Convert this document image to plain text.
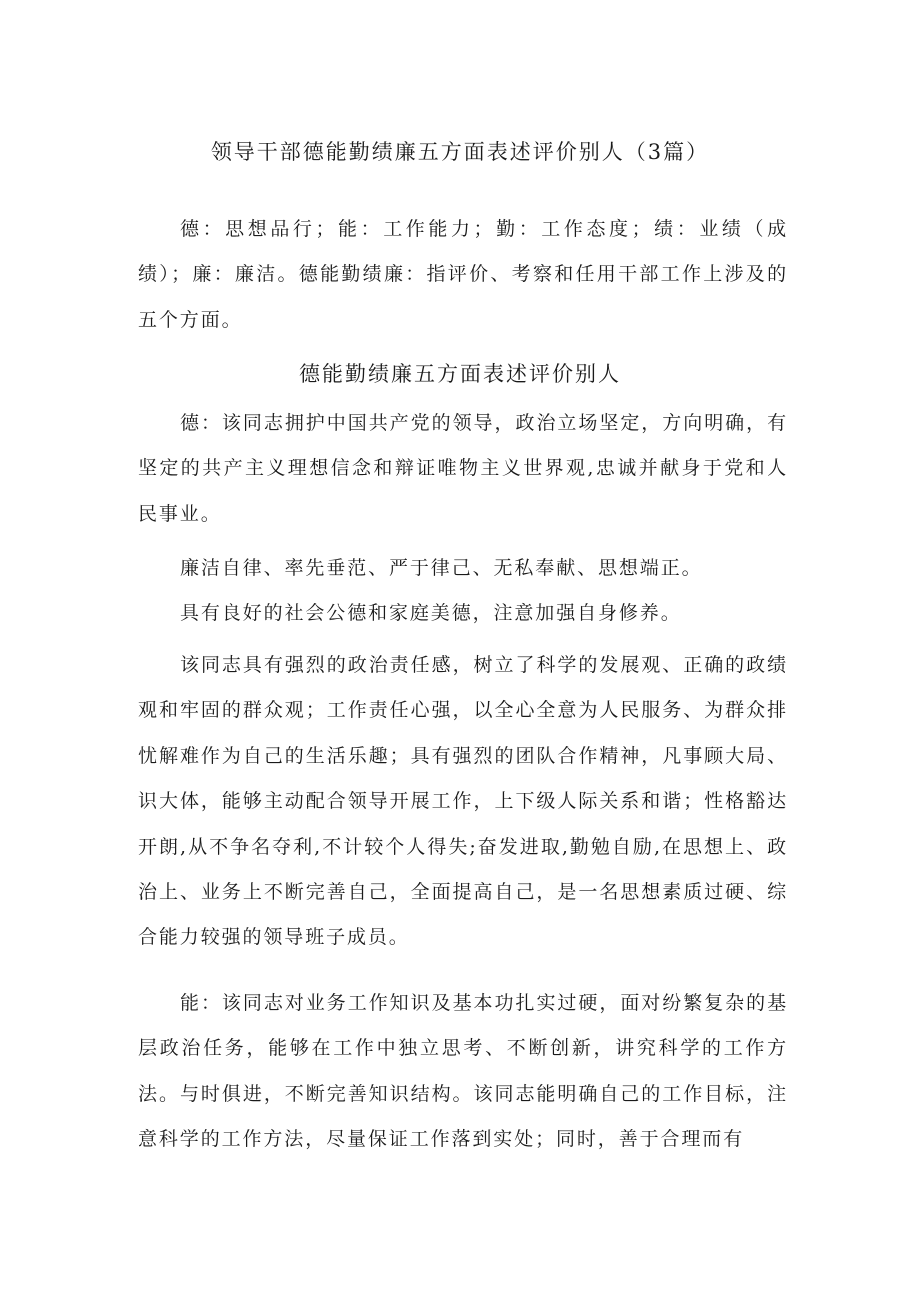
领导干部德能勤绩廉五方面表述评价别人（3篇）

德：思想品行；能：工作能力；勤：工作态度；绩：业绩（成绩）；廉：廉洁。德能勤绩廉：指评价、考察和任用干部工作上涉及的五个方面。

德能勤绩廉五方面表述评价别人

德：该同志拥护中国共产党的领导，政治立场坚定，方向明确，有坚定的共产主义理想信念和辩证唯物主义世界观,忠诚并献身于党和人民事业。

廉洁自律、率先垂范、严于律己、无私奉献、思想端正。

具有良好的社会公德和家庭美德，注意加强自身修养。

该同志具有强烈的政治责任感，树立了科学的发展观、正确的政绩观和牢固的群众观；工作责任心强，以全心全意为人民服务、为群众排忧解难作为自己的生活乐趣；具有强烈的团队合作精神，凡事顾大局、识大体，能够主动配合领导开展工作，上下级人际关系和谐；性格豁达开朗,从不争名夺利,不计较个人得失;奋发进取,勤勉自励,在思想上、政治上、业务上不断完善自己，全面提高自己，是一名思想素质过硬、综合能力较强的领导班子成员。

能：该同志对业务工作知识及基本功扎实过硬，面对纷繁复杂的基层政治任务，能够在工作中独立思考、不断创新，讲究科学的工作方法。与时俱进，不断完善知识结构。该同志能明确自己的工作目标，注意科学的工作方法，尽量保证工作落到实处；同时，善于合理而有
